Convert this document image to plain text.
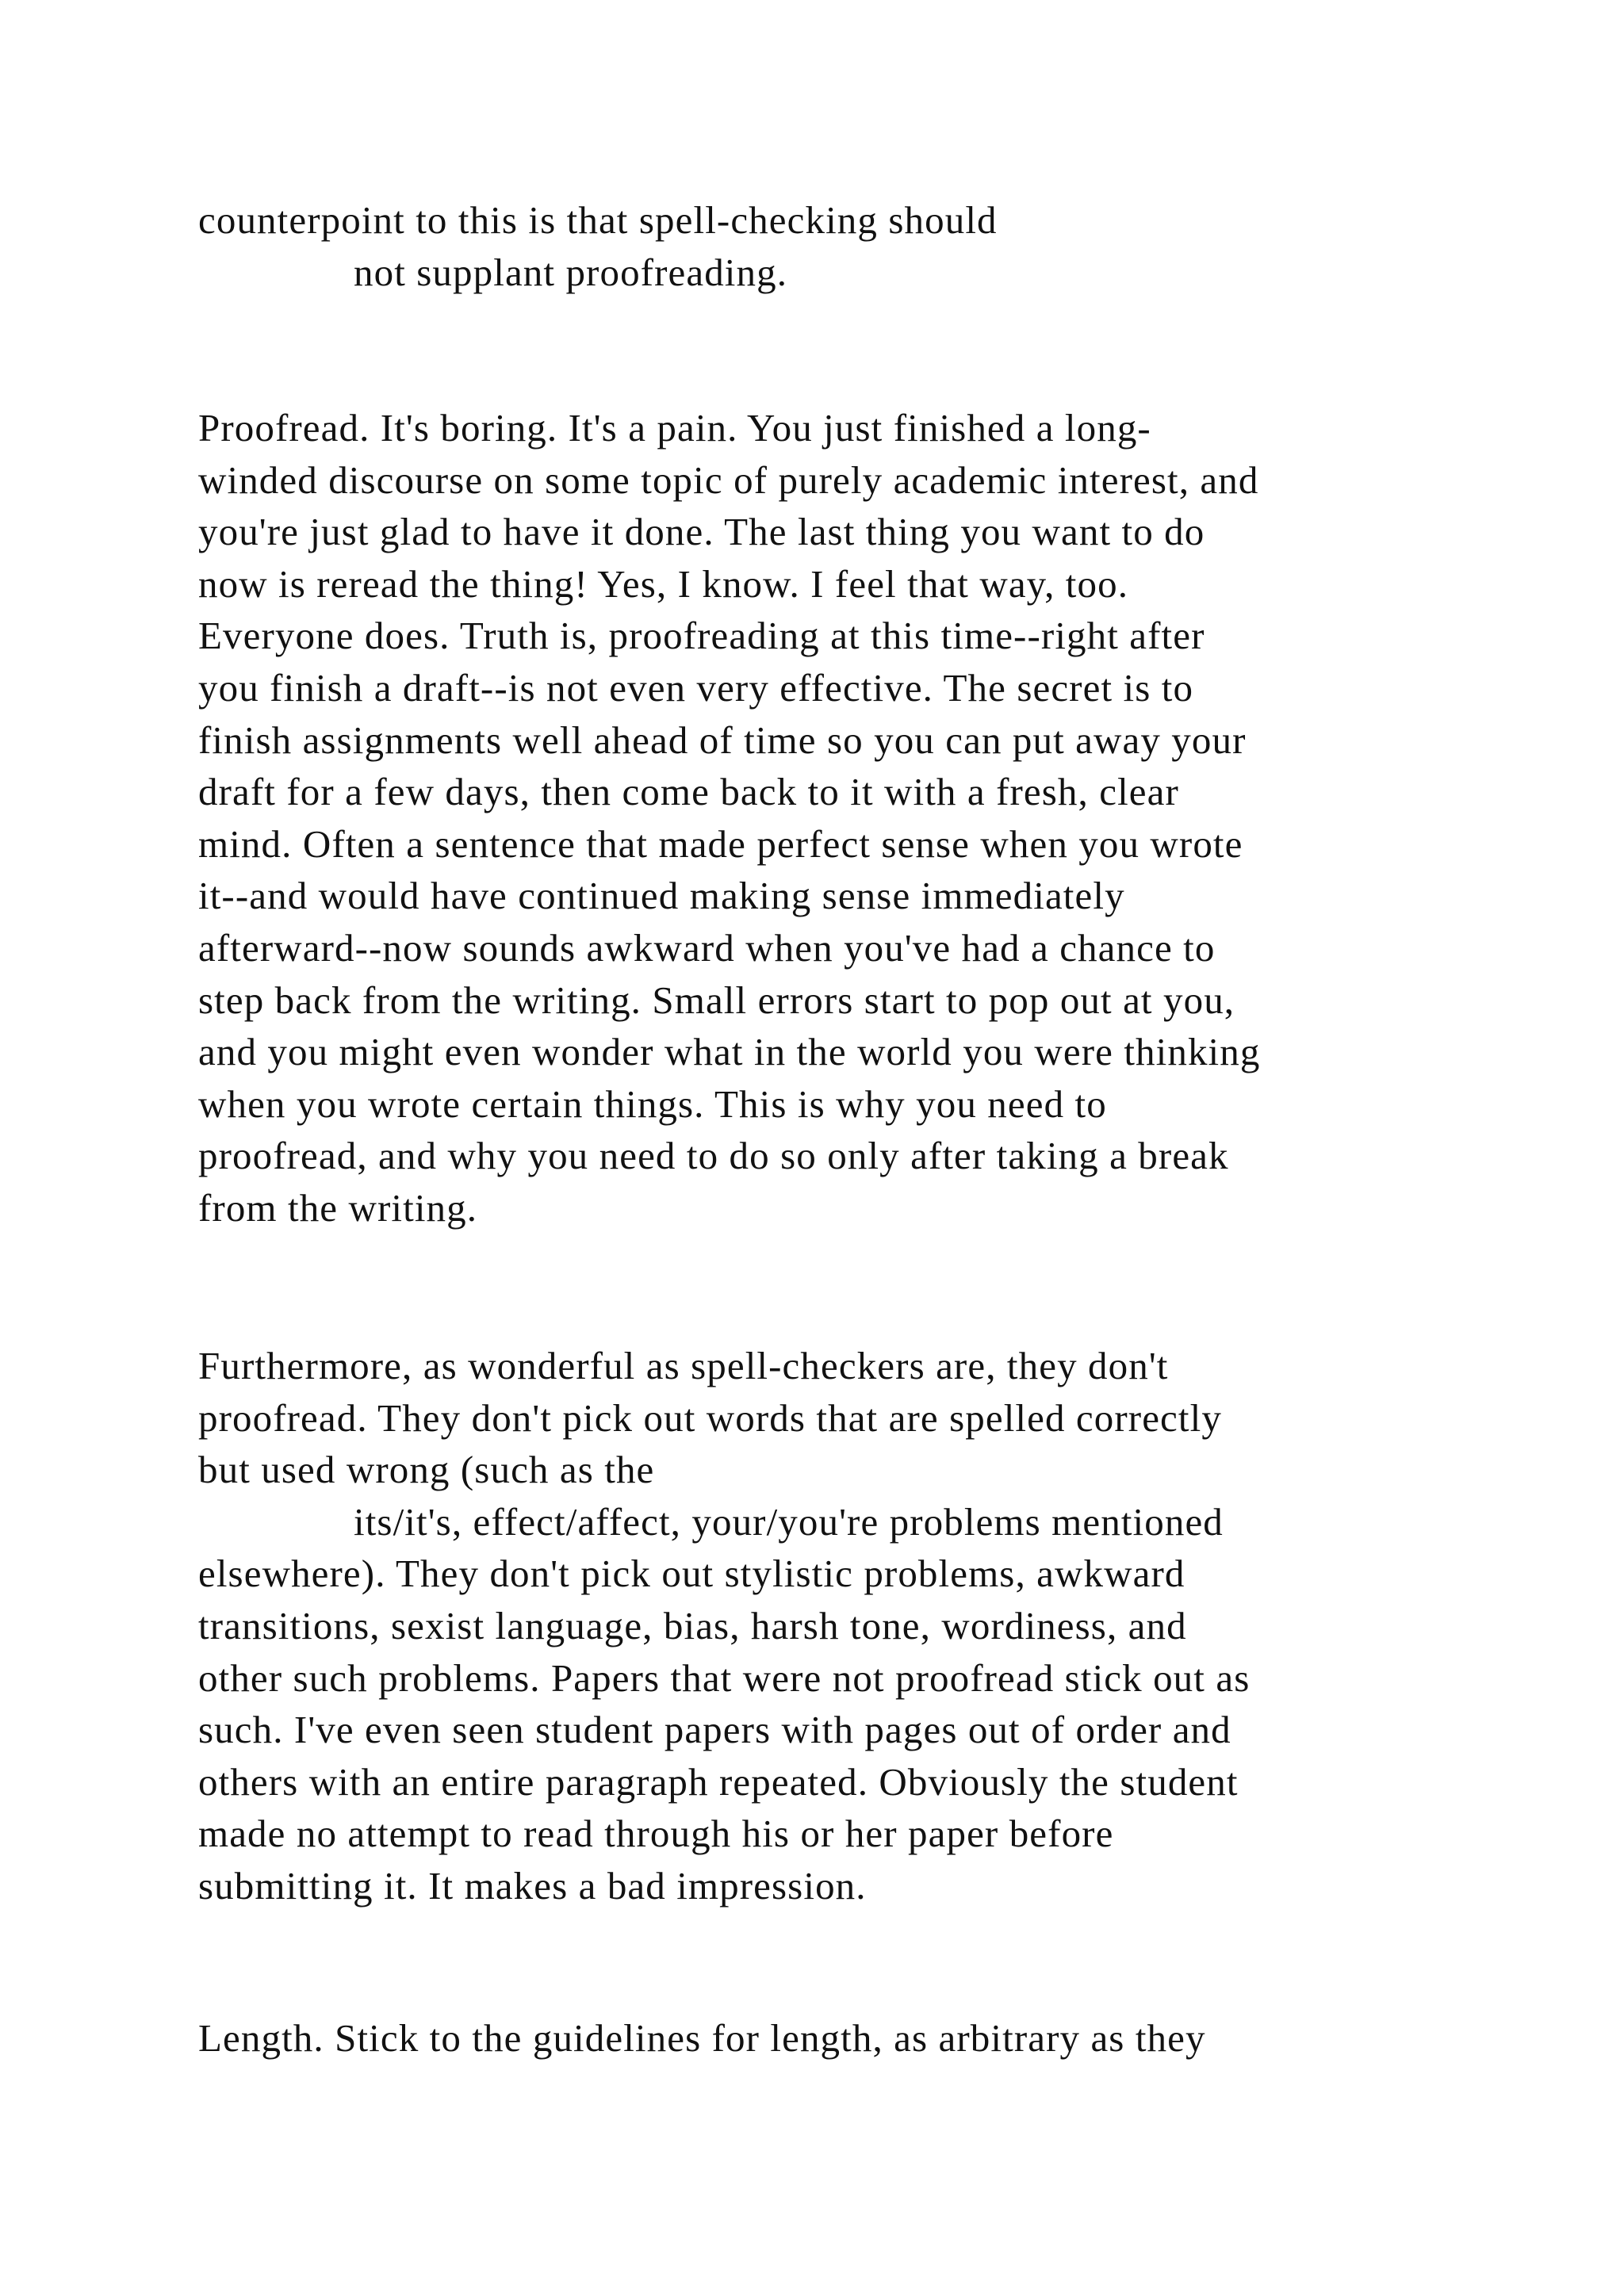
counterpoint to this is that spell-checking should
not supplant proofreading.

Proofread. It's boring. It's a pain. You just finished a long-
winded discourse on some topic of purely academic interest, and
you're just glad to have it done. The last thing you want to do
now is reread the thing! Yes, I know. I feel that way, too.
Everyone does. Truth is, proofreading at this time--right after
you finish a draft--is not even very effective. The secret is to
finish assignments well ahead of time so you can put away your
draft for a few days, then come back to it with a fresh, clear
mind. Often a sentence that made perfect sense when you wrote
it--and would have continued making sense immediately
afterward--now sounds awkward when you've had a chance to
step back from the writing. Small errors start to pop out at you,
and you might even wonder what in the world you were thinking
when you wrote certain things. This is why you need to
proofread, and why you need to do so only after taking a break
from the writing.

Furthermore, as wonderful as spell-checkers are, they don't
proofread. They don't pick out words that are spelled correctly
but used wrong (such as the
its/it's, effect/affect, your/you're problems mentioned
elsewhere). They don't pick out stylistic problems, awkward
transitions, sexist language, bias, harsh tone, wordiness, and
other such problems. Papers that were not proofread stick out as
such. I've even seen student papers with pages out of order and
others with an entire paragraph repeated. Obviously the student
made no attempt to read through his or her paper before
submitting it. It makes a bad impression.

Length. Stick to the guidelines for length, as arbitrary as they
